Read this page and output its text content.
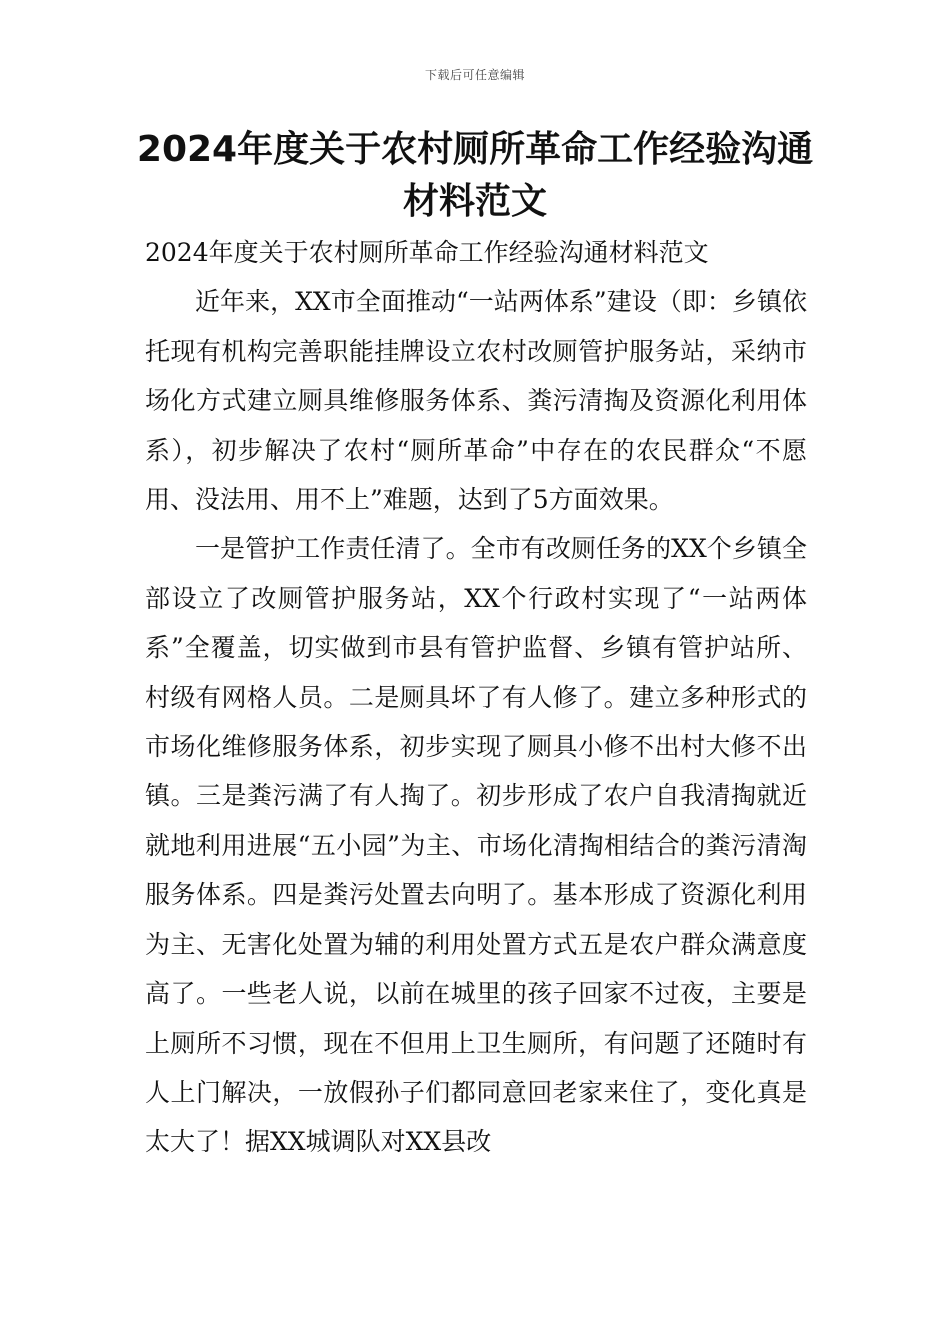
下载后可任意编辑
2024年度关于农村厕所革命工作经验沟通材料范文

2024年度关于农村厕所革命工作经验沟通材料范文

近年来，XX市全面推动“一站两体系”建设（即：乡镇依托现有机构完善职能挂牌设立农村改厕管护服务站，采纳市场化方式建立厕具维修服务体系、粪污清掏及资源化利用体系），初步解决了农村“厕所革命”中存在的农民群众“不愿用、没法用、用不上”难题，达到了5方面效果。

一是管护工作责任清了。全市有改厕任务的XX个乡镇全部设立了改厕管护服务站，XX个行政村实现了“一站两体系”全覆盖，切实做到市县有管护监督、乡镇有管护站所、村级有网格人员。二是厕具坏了有人修了。建立多种形式的市场化维修服务体系，初步实现了厕具小修不出村大修不出镇。三是粪污满了有人掏了。初步形成了农户自我清掏就近就地利用进展“五小园”为主、市场化清掏相结合的粪污清淘服务体系。四是粪污处置去向明了。基本形成了资源化利用为主、无害化处置为辅的利用处置方式五是农户群众满意度高了。一些老人说，以前在城里的孩子回家不过夜，主要是上厕所不习惯，现在不但用上卫生厕所，有问题了还随时有人上门解决，一放假孙子们都同意回老家来住了，变化真是太大了！据XX城调队对XX县改
